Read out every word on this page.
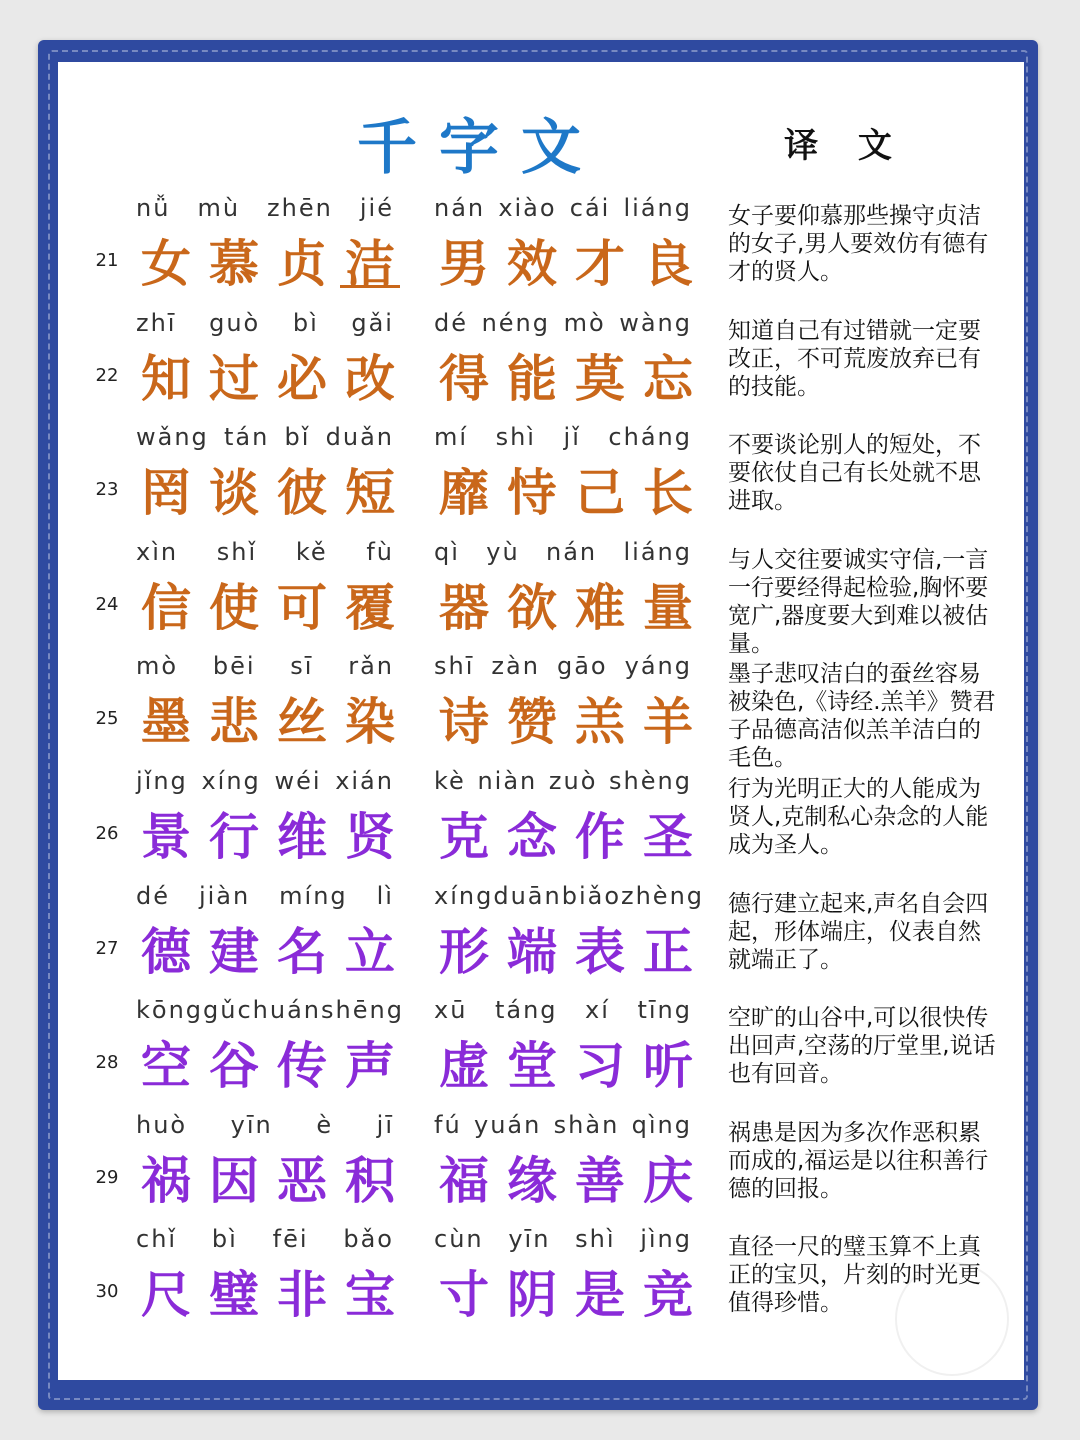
千字文	译 文
21
nǚ mù zhēn jié
女 慕 贞 洁
nán xiào cái liáng
男 效 才 良
女子要仰慕那些操守贞洁的女子,男人要效仿有德有才的贤人。
22
zhī guò bì gǎi
知 过 必 改
dé néng mò wàng
得 能 莫 忘
知道自己有过错就一定要改正，不可荒废放弃已有的技能。
23
wǎng tán bǐ duǎn
罔 谈 彼 短
mí shì jǐ cháng
靡 恃 己 长
不要谈论别人的短处，不要依仗自己有长处就不思进取。
24
xìn shǐ kě fù
信 使 可 覆
qì yù nán liáng
器 欲 难 量
与人交往要诚实守信,一言一行要经得起检验,胸怀要宽广,器度要大到难以被估量。
25
mò bēi sī rǎn
墨 悲 丝 染
shī zàn gāo yáng
诗 赞 羔 羊
墨子悲叹洁白的蚕丝容易被染色,《诗经.羔羊》赞君子品德高洁似羔羊洁白的毛色。
26
jǐng xíng wéi xián
景 行 维 贤
kè niàn zuò shèng
克 念 作 圣
行为光明正大的人能成为贤人,克制私心杂念的人能成为圣人。
27
dé jiàn míng lì
德 建 名 立
xíng duān biǎo zhèng
形 端 表 正
德行建立起来,声名自会四起，形体端庄，仪表自然就端正了。
28
kōng gǔ chuán shēng
空 谷 传 声
xū táng xí tīng
虚 堂 习 听
空旷的山谷中,可以很快传出回声,空荡的厅堂里,说话也有回音。
29
huò yīn è jī
祸 因 恶 积
fú yuán shàn qìng
福 缘 善 庆
祸患是因为多次作恶积累而成的,福运是以往积善行德的回报。
30
chǐ bì fēi bǎo
尺 璧 非 宝
cùn yīn shì jìng
寸 阴 是 竞
直径一尺的璧玉算不上真正的宝贝，片刻的时光更值得珍惜。
